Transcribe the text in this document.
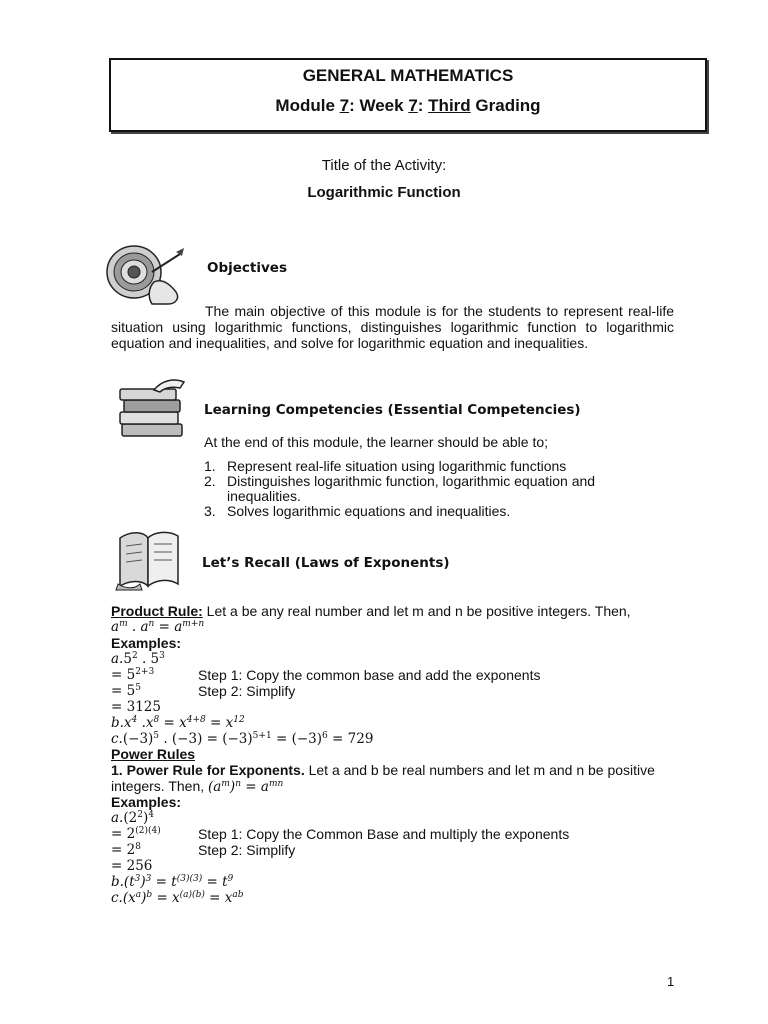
GENERAL MATHEMATICS
Module 7: Week 7: Third Grading
Title of the Activity:
Logarithmic Function
Objectives
The main objective of this module is for the students to represent real-life situation using logarithmic functions, distinguishes logarithmic function to logarithmic equation and inequalities, and solve for logarithmic equation and inequalities.
Learning Competencies (Essential Competencies)
At the end of this module, the learner should be able to;
1. Represent real-life situation using logarithmic functions
2. Distinguishes logarithmic function, logarithmic equation and inequalities.
3. Solves logarithmic equations and inequalities.
Let’s Recall (Laws of Exponents)
Product Rule: Let a be any real number and let m and n be positive integers. Then,
$a^m$ . $a^n = a^{m+n}$
Examples:
$a.5^2$ . $5^3$
= $5^{2+3}$	Step 1: Copy the common base and add the exponents
= $5^5$	Step 2: Simplify
= 3125
$b.x^4$ $.x^8 = x^{4+8} = x^{12}$
$c.(-3)^5$ . $(-3) = (-3)^{5+1} = (-3)^6 = 729$
Power Rules
1. Power Rule for Exponents. Let a and b be real numbers and let m and n be positive
integers. Then, $(a^m)^n = a^{mn}$
Examples:
$a.(2^2)^4$
= $2^{(2)(4)}$	Step 1: Copy the Common Base and multiply the exponents
= $2^8$	Step 2: Simplify
= 256
$b.(t^3)^3 = t^{(3)(3)} = t^9$
$c.(x^a)^b = x^{(a)(b)} = x^{ab}$
1
